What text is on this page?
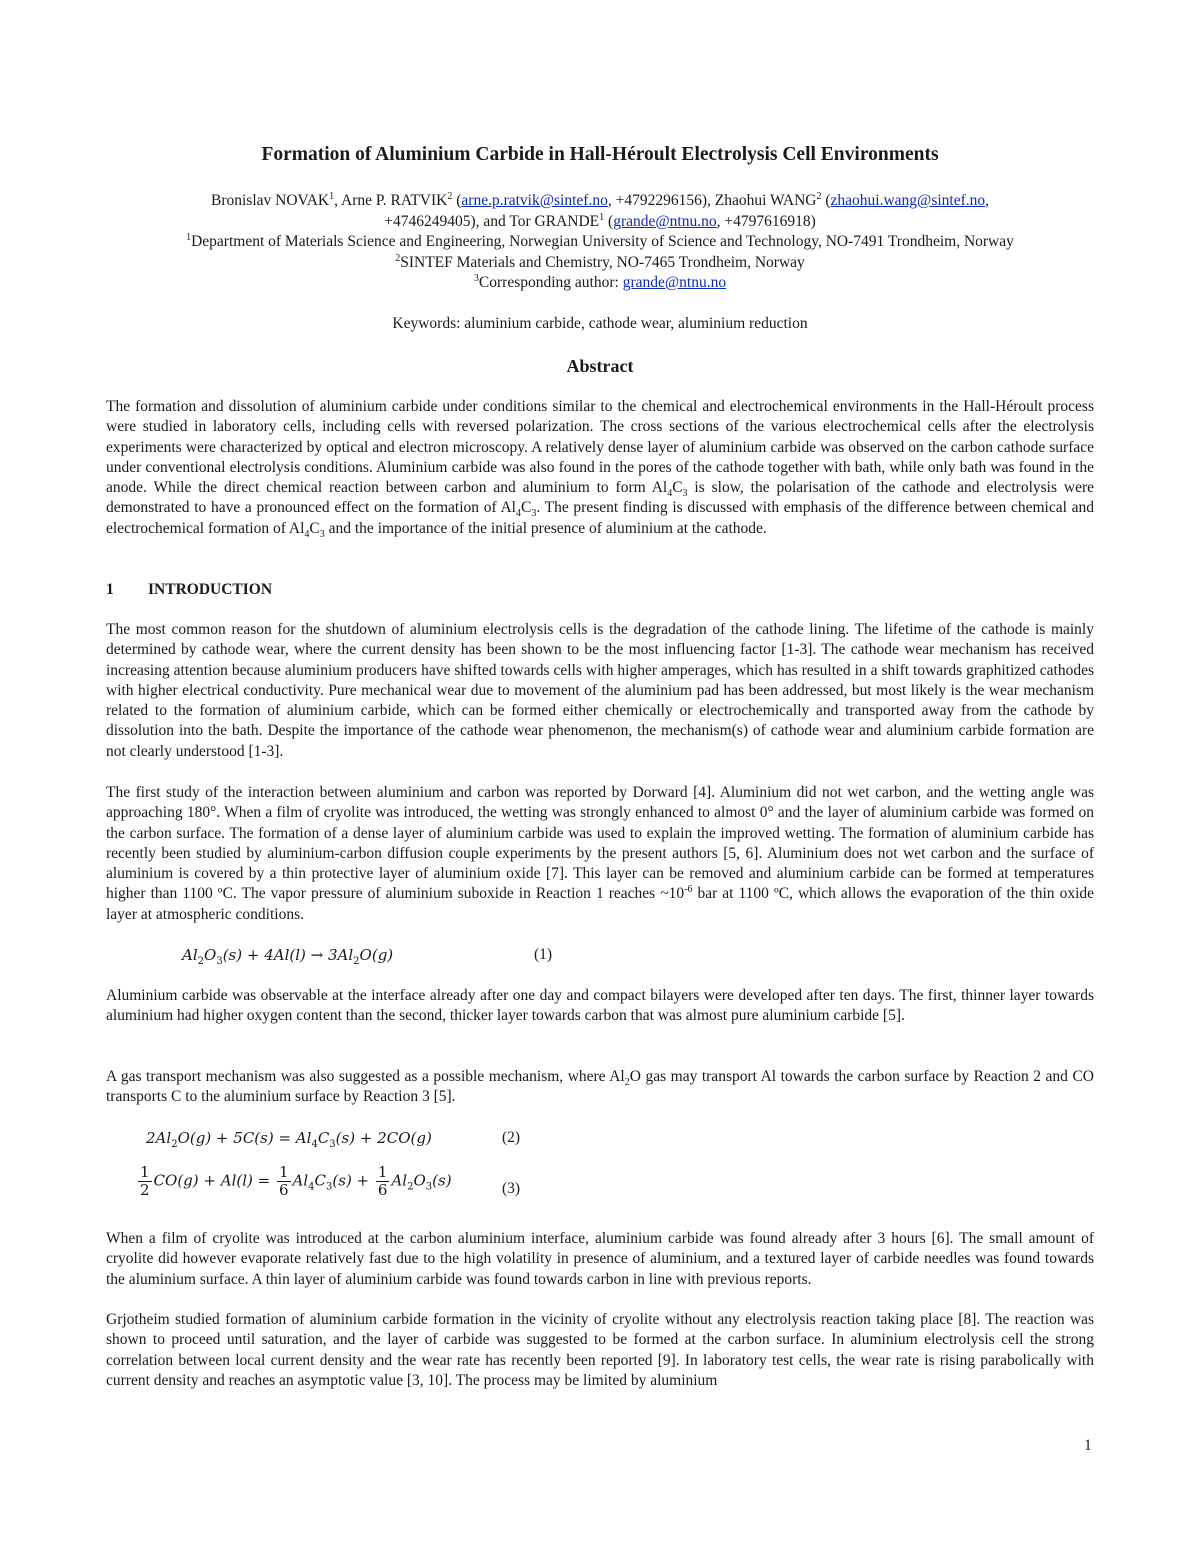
Formation of Aluminium Carbide in Hall-Héroult Electrolysis Cell Environments

Bronislav NOVAK$^1$, Arne P. RATVIK$^2$ (arne.p.ratvik@sintef.no, +4792296156), Zhaohui WANG$^2$ (zhaohui.wang@sintef.no,

+4746249405), and Tor GRANDE$^1$ (grande@ntnu.no, +4797616918)

$^1$Department of Materials Science and Engineering, Norwegian University of Science and Technology, NO-7491 Trondheim, Norway

$^2$SINTEF Materials and Chemistry, NO-7465 Trondheim, Norway

$^3$Corresponding author: grande@ntnu.no

Keywords: aluminium carbide, cathode wear, aluminium reduction
Abstract

The formation and dissolution of aluminium carbide under conditions similar to the chemical and electrochemical environments in the Hall-Héroult process were studied in laboratory cells, including cells with reversed polarization. The cross sections of the various electrochemical cells after the electrolysis experiments were characterized by optical and electron microscopy. A relatively dense layer of aluminium carbide was observed on the carbon cathode surface under conventional electrolysis conditions. Aluminium carbide was also found in the pores of the cathode together with bath, while only bath was found in the anode. While the direct chemical reaction between carbon and aluminium to form $Al_4C_3$ is slow, the polarisation of the cathode and electrolysis were demonstrated to have a pronounced effect on the formation of $Al_4C_3$. The present finding is discussed with emphasis of the difference between chemical and electrochemical formation of $Al_4C_3$ and the importance of the initial presence of aluminium at the cathode.

1 INTRODUCTION

The most common reason for the shutdown of aluminium electrolysis cells is the degradation of the cathode lining. The lifetime of the cathode is mainly determined by cathode wear, where the current density has been shown to be the most influencing factor [1-3]. The cathode wear mechanism has received increasing attention because aluminium producers have shifted towards cells with higher amperages, which has resulted in a shift towards graphitized cathodes with higher electrical conductivity. Pure mechanical wear due to movement of the aluminium pad has been addressed, but most likely is the wear mechanism related to the formation of aluminium carbide, which can be formed either chemically or electrochemically and transported away from the cathode by dissolution into the bath. Despite the importance of the cathode wear phenomenon, the mechanism(s) of cathode wear and aluminium carbide formation are not clearly understood [1-3].

The first study of the interaction between aluminium and carbon was reported by Dorward [4]. Aluminium did not wet carbon, and the wetting angle was approaching 180°. When a film of cryolite was introduced, the wetting was strongly enhanced to almost 0° and the layer of aluminium carbide was formed on the carbon surface. The formation of a dense layer of aluminium carbide was used to explain the improved wetting. The formation of aluminium carbide has recently been studied by aluminium-carbon diffusion couple experiments by the present authors [5, 6]. Aluminium does not wet carbon and the surface of aluminium is covered by a thin protective layer of aluminium oxide [7]. This layer can be removed and aluminium carbide can be formed at temperatures higher than 1100 ºC. The vapor pressure of aluminium suboxide in Reaction 1 reaches $\sim 10^{-6}$ bar at 1100 ºC, which allows the evaporation of the thin oxide layer at atmospheric conditions.

$Al_2O_3(s) + 4Al(l) \to 3Al_2O(g)$	(1)

Aluminium carbide was observable at the interface already after one day and compact bilayers were developed after ten days. The first, thinner layer towards aluminium had higher oxygen content than the second, thicker layer towards carbon that was almost pure aluminium carbide [5].

A gas transport mechanism was also suggested as a possible mechanism, where $Al_2O$ gas may transport Al towards the carbon surface by Reaction 2 and CO transports C to the aluminium surface by Reaction 3 [5].

$2Al_2O(g) + 5C(s) = Al_4C_3(s) + 2CO(g)$	(2)
$\frac{1}{2} CO(g) + Al(l) = \frac{1}{6} Al_4C_3(s) + \frac{1}{6} Al_2O_3(s)$	(3)

When a film of cryolite was introduced at the carbon aluminium interface, aluminium carbide was found already after 3 hours [6]. The small amount of cryolite did however evaporate relatively fast due to the high volatility in presence of aluminium, and a textured layer of carbide needles was found towards the aluminium surface. A thin layer of aluminium carbide was found towards carbon in line with previous reports.

Grjotheim studied formation of aluminium carbide formation in the vicinity of cryolite without any electrolysis reaction taking place [8]. The reaction was shown to proceed until saturation, and the layer of carbide was suggested to be formed at the carbon surface. In aluminium electrolysis cell the strong correlation between local current density and the wear rate has recently been reported [9]. In laboratory test cells, the wear rate is rising parabolically with current density and reaches an asymptotic value [3, 10]. The process may be limited by aluminium

1
